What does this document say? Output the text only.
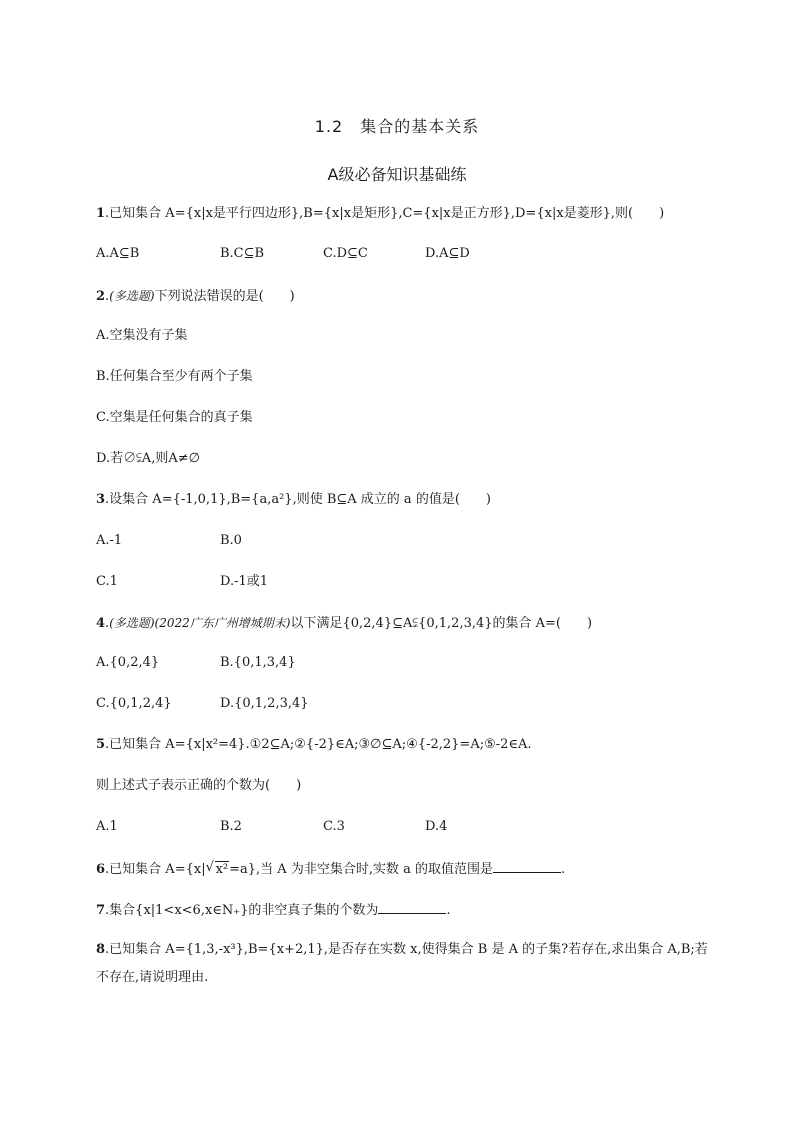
1.2　集合的基本关系
A级必备知识基础练
1.已知集合 A={x|x是平行四边形},B={x|x是矩形},C={x|x是正方形},D={x|x是菱形},则(　　)
A.A⊆B	B.C⊆B	C.D⊆C	D.A⊆D
2.(多选题)下列说法错误的是(　　)
A.空集没有子集
B.任何集合至少有两个子集
C.空集是任何集合的真子集
D.若∅⫋A,则A≠∅
3.设集合 A={-1,0,1},B={a,a²},则使 B⊆A 成立的 a 的值是(　　)
A.-1	B.0
C.1	D.-1或1
4.(多选题)(2022广东广州增城期末)以下满足{0,2,4}⊆A⫋{0,1,2,3,4}的集合 A=(　　)
A.{0,2,4}	B.{0,1,3,4}
C.{0,1,2,4}	D.{0,1,2,3,4}
5.已知集合 A={x|x²=4}.①2⊆A;②{-2}∈A;③∅⊆A;④{-2,2}=A;⑤-2∈A.
则上述式子表示正确的个数为(　　)
A.1	B.2	C.3	D.4
6.已知集合 A={x| √ x²=a},当 A 为非空集合时,实数 a 的取值范围是	.
7.集合{x|1<x<6,x∈N₊}的非空真子集的个数为	.
8.已知集合 A={1,3,-x³},B={x+2,1},是否存在实数 x,使得集合 B 是 A 的子集?若存在,求出集合 A,B;若
不存在,请说明理由.
